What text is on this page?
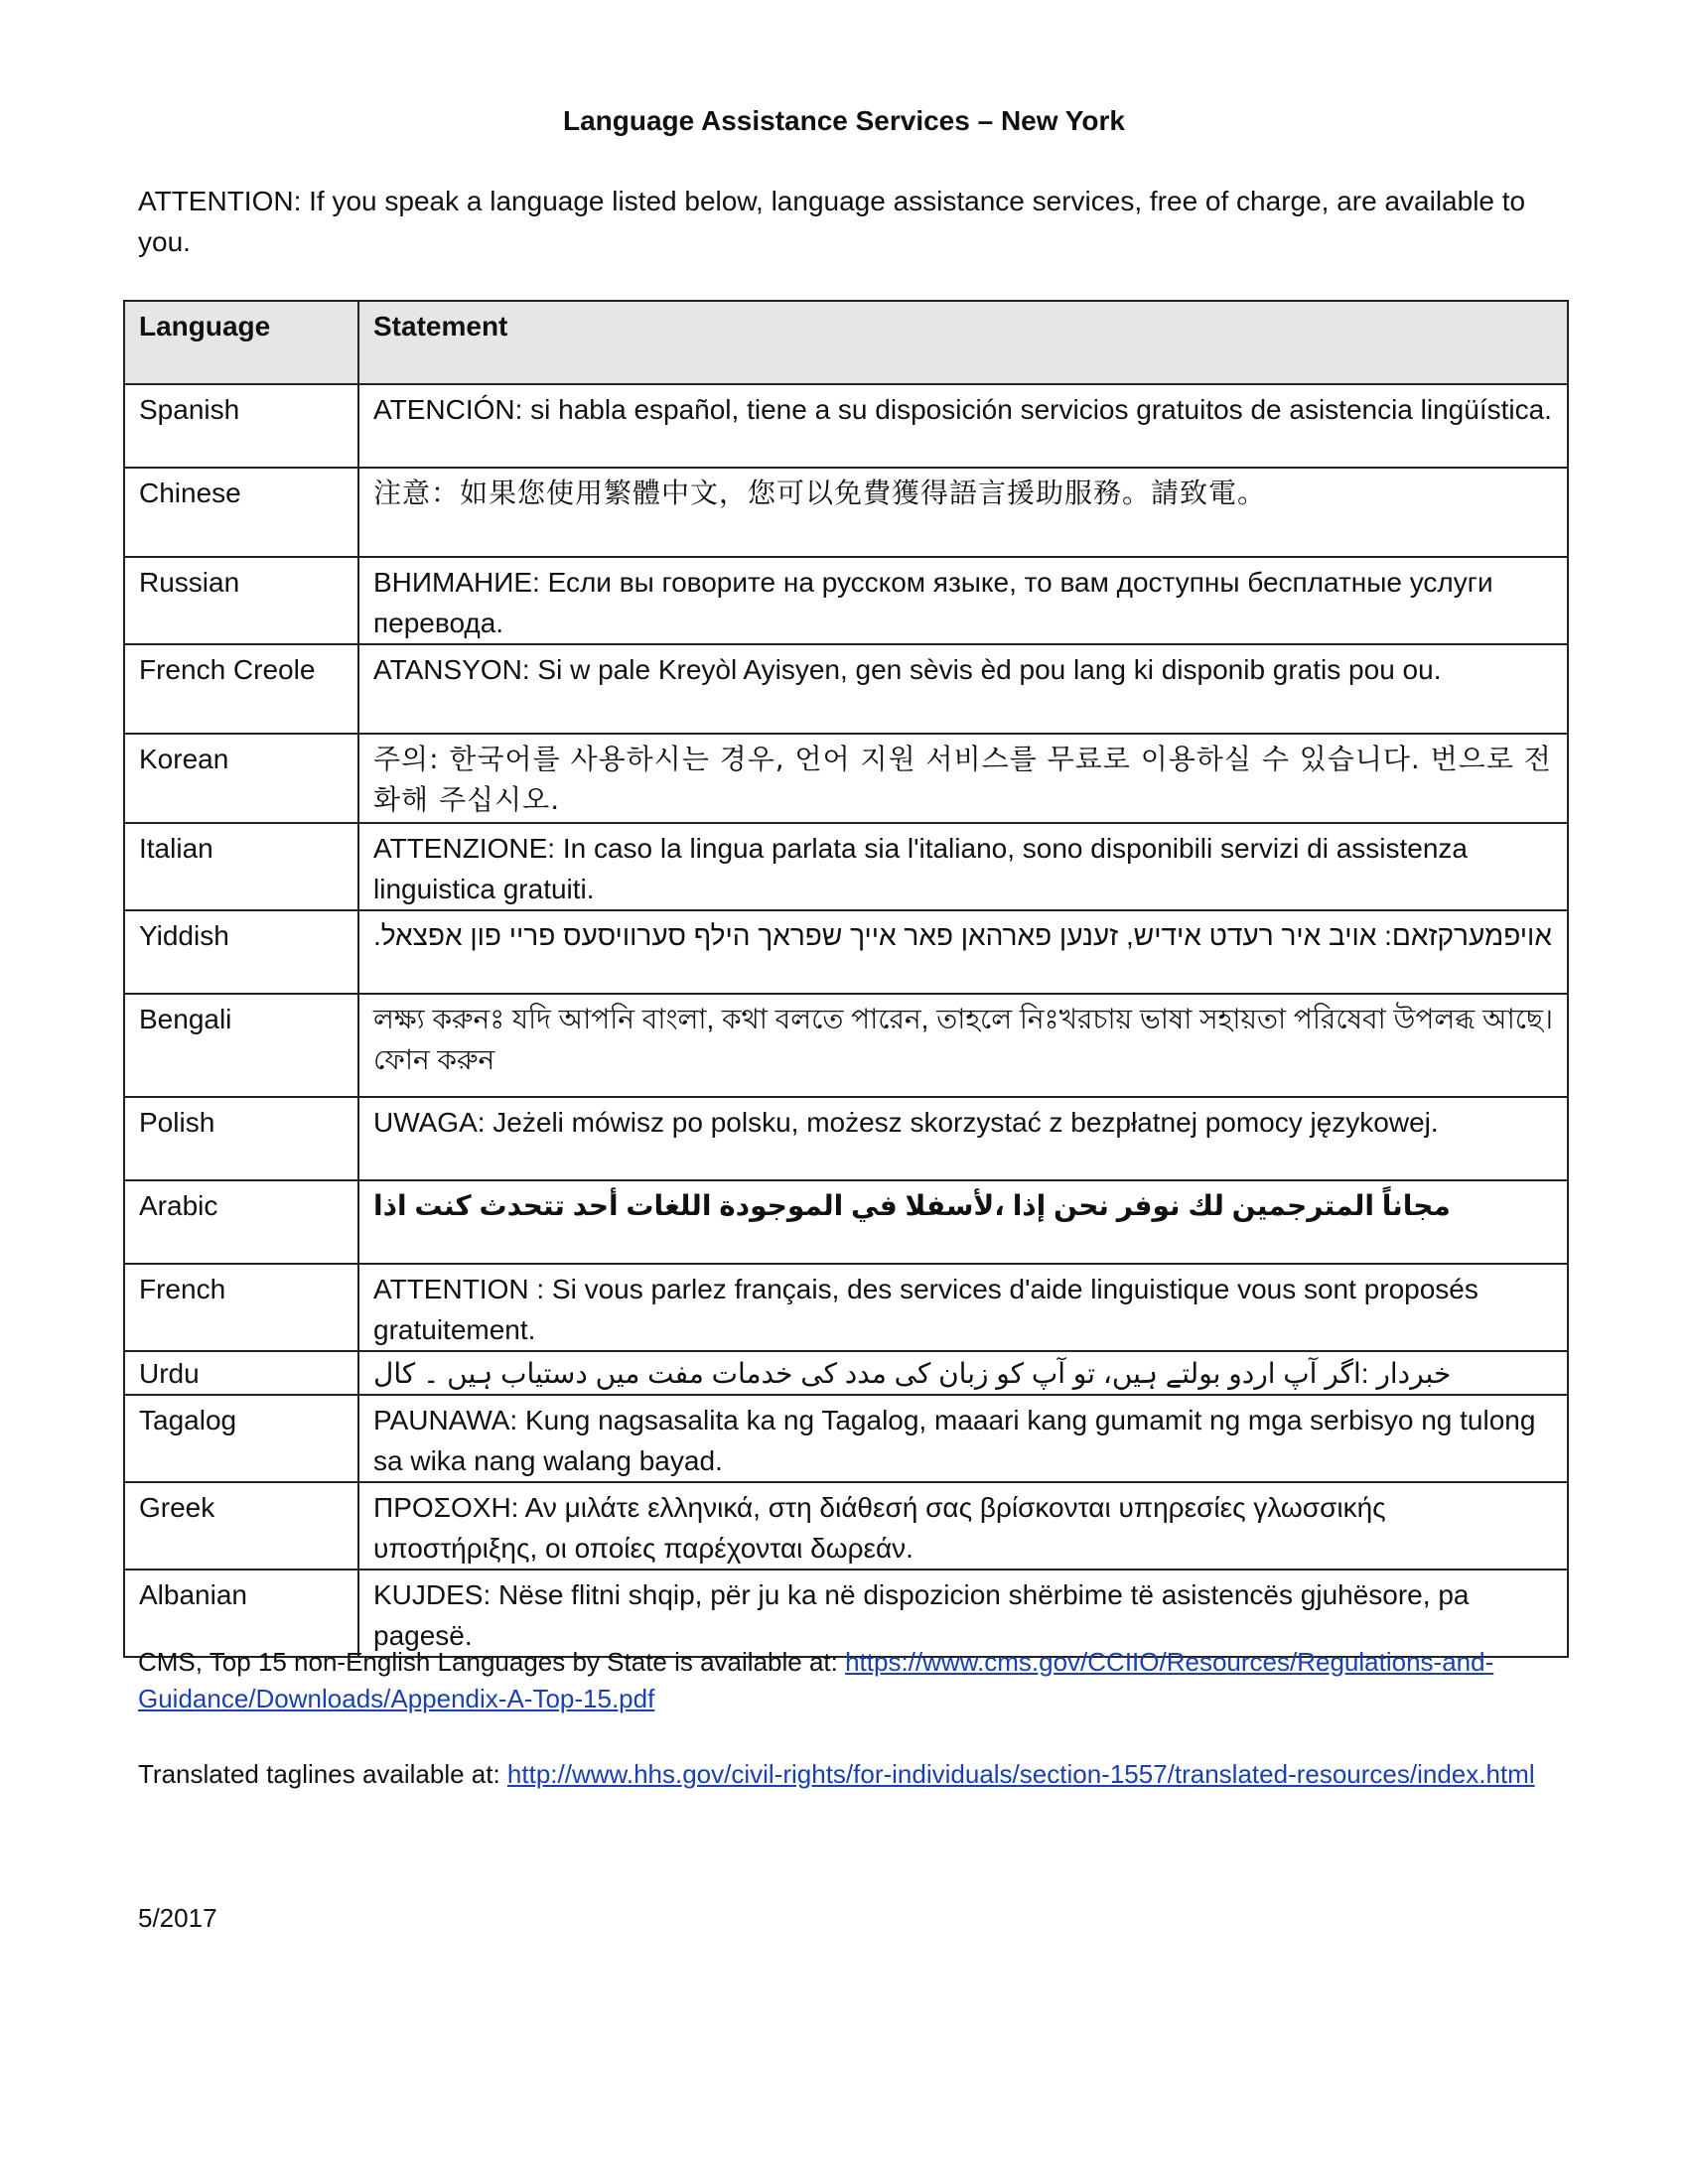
Language Assistance Services – New York
ATTENTION: If you speak a language listed below, language assistance services, free of charge, are available to you.
Language	Statement
Spanish	ATENCIÓN: si habla español, tiene a su disposición servicios gratuitos de asistencia lingüística.
Chinese	注意：如果您使用繁體中文，您可以免費獲得語言援助服務。請致電。
Russian	ВНИМАНИЕ: Если вы говорите на русском языке, то вам доступны бесплатные услуги перевода.
French Creole	ATANSYON: Si w pale Kreyòl Ayisyen, gen sèvis èd pou lang ki disponib gratis pou ou.
Korean	주의: 한국어를 사용하시는 경우, 언어 지원 서비스를 무료로 이용하실 수 있습니다. 번으로 전화해 주십시오.
Italian	ATTENZIONE: In caso la lingua parlata sia l'italiano, sono disponibili servizi di assistenza linguistica gratuiti.
Yiddish	אויפמערקזאם: אויב איר רעדט אידיש, זענען פארהאן פאר אייך שפראך הילף סערוויסעס פריי פון אפצאל.
Bengali	লক্ষ্য করুনঃ যদি আপনি বাংলা, কথা বলতে পারেন, তাহলে নিঃখরচায় ভাষা সহায়তা পরিষেবা উপলব্ধ আছে। ফোন করুন
Polish	UWAGA: Jeżeli mówisz po polsku, możesz skorzystać z bezpłatnej pomocy językowej.
Arabic	مجاناً المترجمين لك نوفر نحن إذا ،لأسفلا في الموجودة اللغات أحد تتحدث كنت اذا
French	ATTENTION : Si vous parlez français, des services d'aide linguistique vous sont proposés gratuitement.
Urdu	خبردار :اگر آپ اردو بولتے ہیں، تو آپ کو زبان کی مدد کی خدمات مفت میں دستیاب ہیں ۔ کال
Tagalog	PAUNAWA: Kung nagsasalita ka ng Tagalog, maaari kang gumamit ng mga serbisyo ng tulong sa wika nang walang bayad.
Greek	ΠΡΟΣΟΧΗ: Αν μιλάτε ελληνικά, στη διάθεσή σας βρίσκονται υπηρεσίες γλωσσικής υποστήριξης, οι οποίες παρέχονται δωρεάν.
Albanian	KUJDES: Nëse flitni shqip, për ju ka në dispozicion shërbime të asistencës gjuhësore, pa pagesë.
CMS, Top 15 non-English Languages by State is available at: https://www.cms.gov/CCIIO/Resources/Regulations-and-Guidance/Downloads/Appendix-A-Top-15.pdf
Translated taglines available at: http://www.hhs.gov/civil-rights/for-individuals/section-1557/translated-resources/index.html
5/2017
